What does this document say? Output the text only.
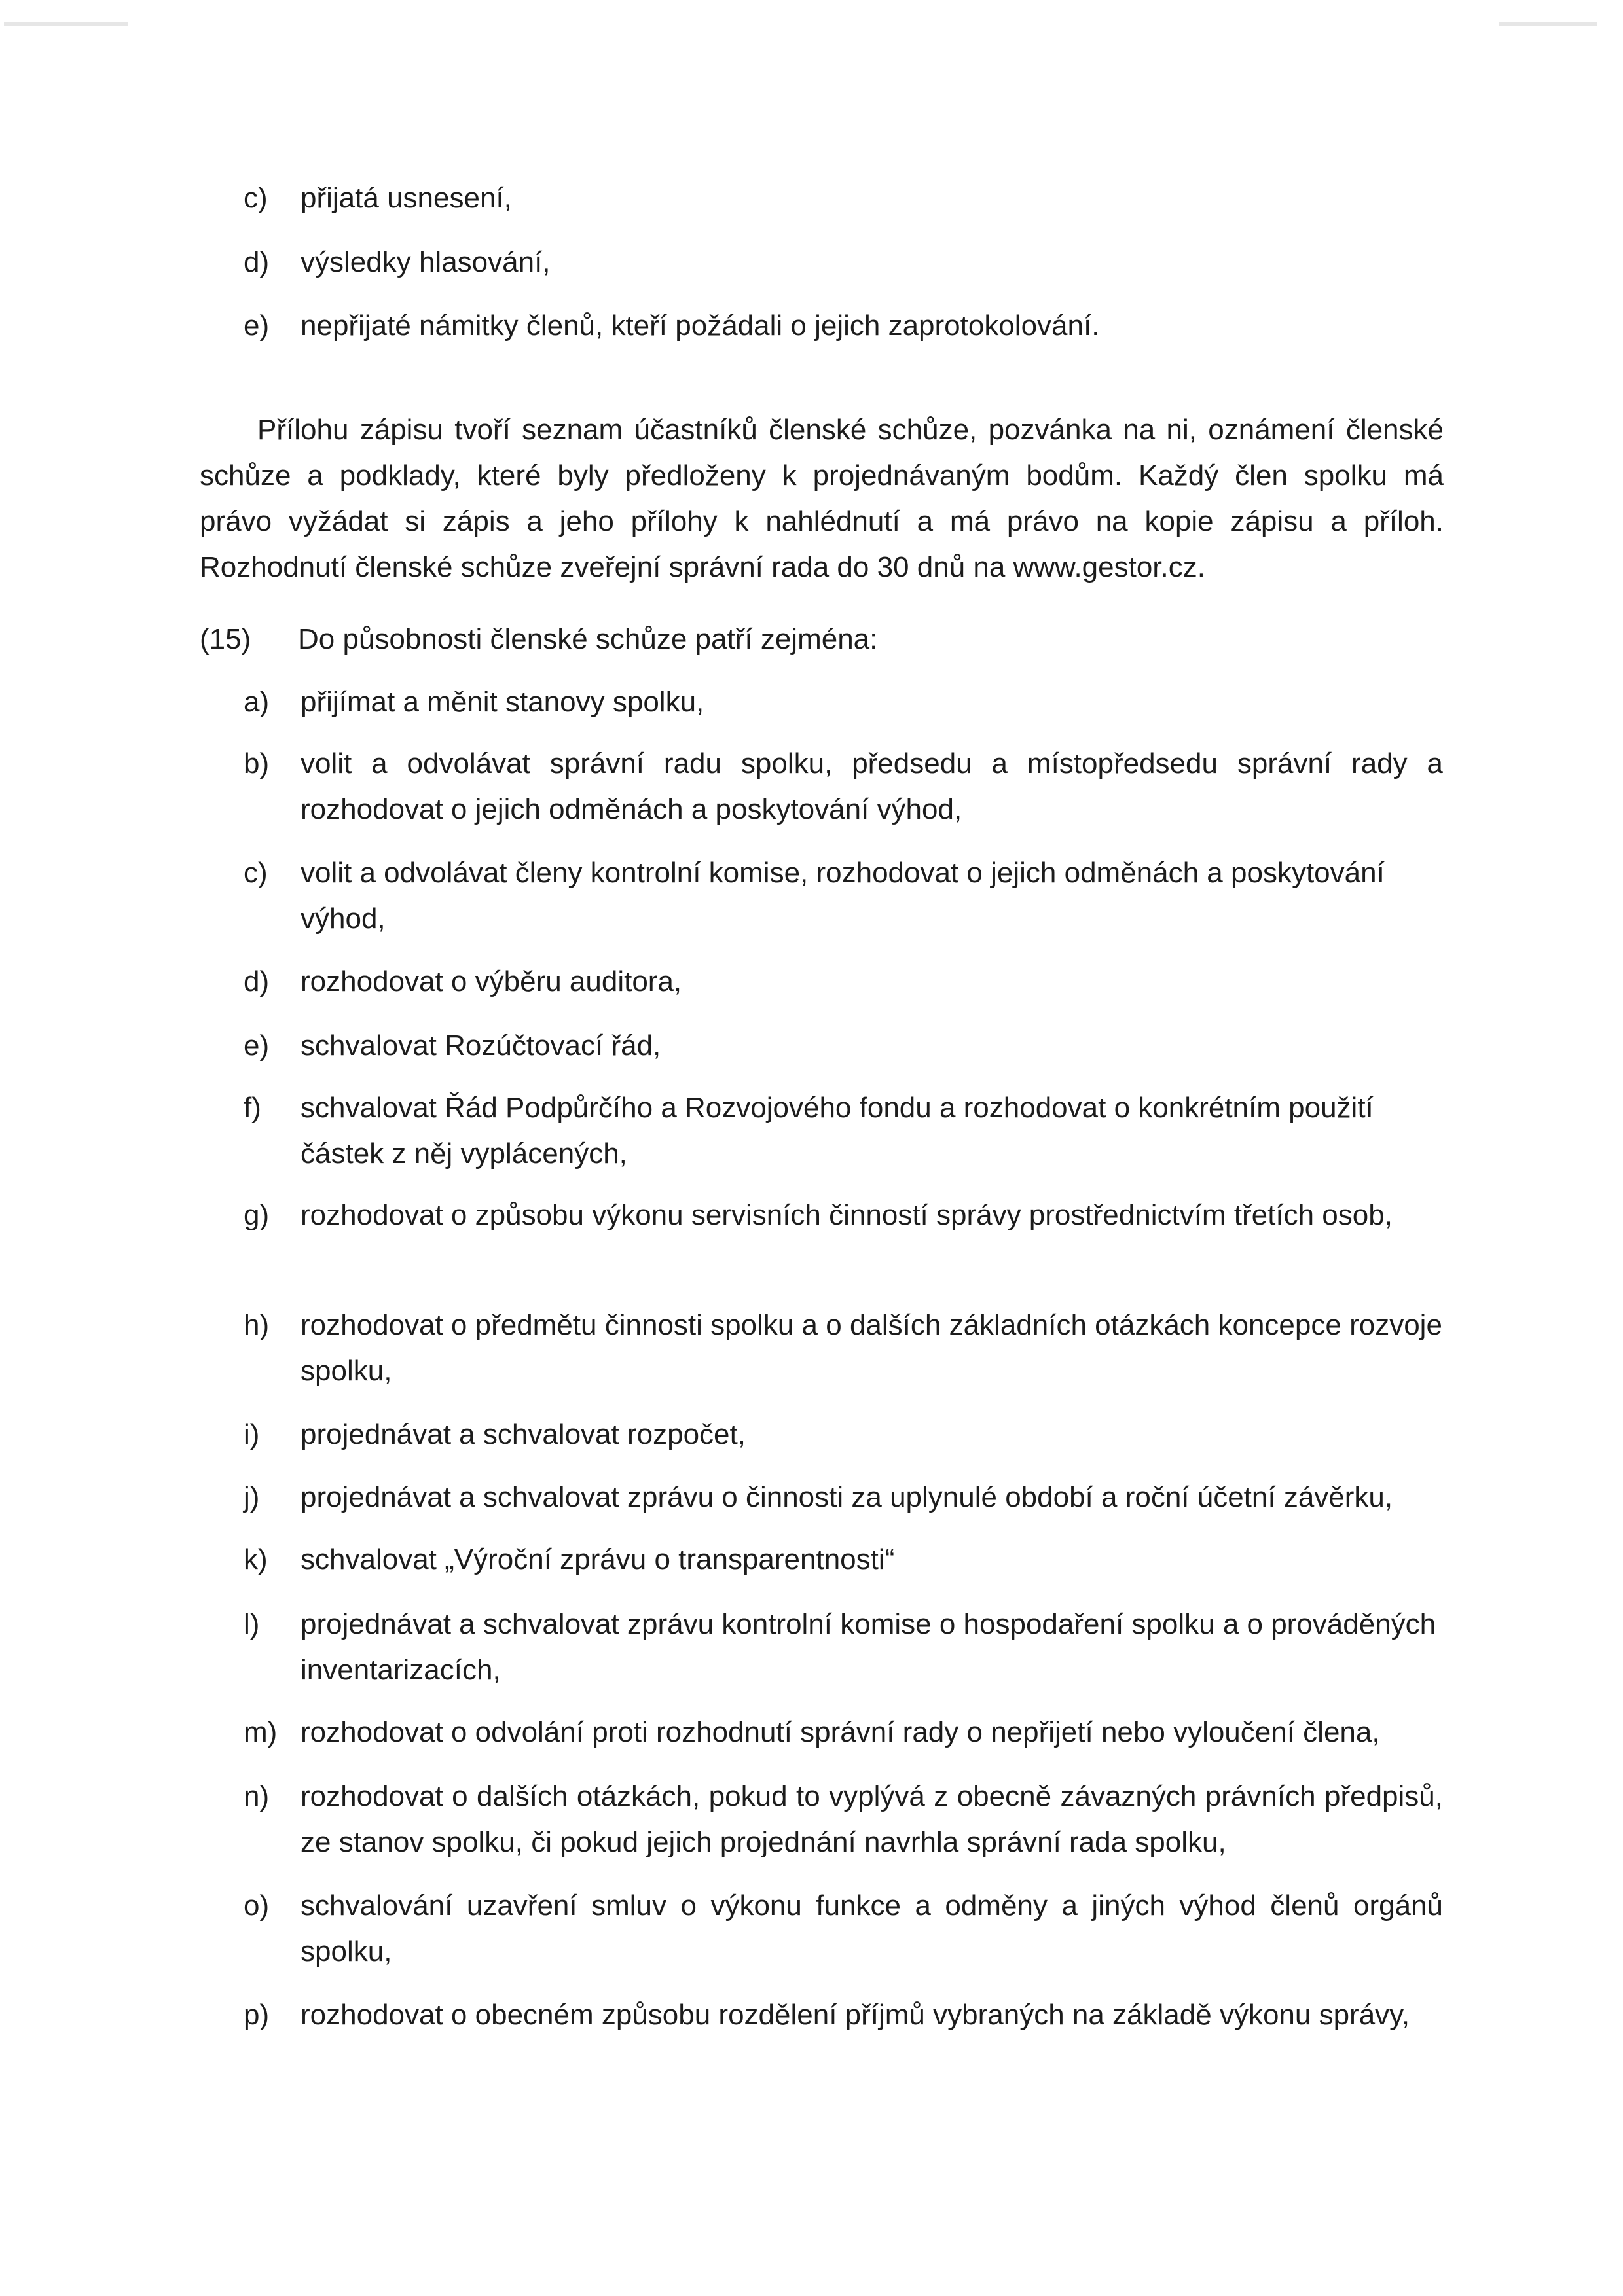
c) přijatá usnesení,
d) výsledky hlasování,
e) nepřijaté námitky členů, kteří požádali o jejich zaprotokolování.
Přílohu zápisu tvoří seznam účastníků členské schůze, pozvánka na ni, oznámení členské
schůze a podklady, které byly předloženy k projednávaným bodům. Každý člen spolku má
právo vyžádat si zápis a jeho přílohy k nahlédnutí a má právo na kopie zápisu a příloh.
Rozhodnutí členské schůze zveřejní správní rada do 30 dnů na www.gestor.cz.
(15) Do působnosti členské schůze patří zejména:
a) přijímat a měnit stanovy spolku,
b) volit a odvolávat správní radu spolku, předsedu a místopředsedu správní rady a rozhodovat o jejich odměnách a poskytování výhod,
c) volit a odvolávat členy kontrolní komise, rozhodovat o jejich odměnách a poskytování výhod,
d) rozhodovat o výběru auditora,
e) schvalovat Rozúčtovací řád,
f) schvalovat Řád Podpůrčího a Rozvojového fondu a rozhodovat o konkrétním použití částek z něj vyplácených,
g) rozhodovat o způsobu výkonu servisních činností správy prostřednictvím třetích osob,
h) rozhodovat o předmětu činnosti spolku a o dalších základních otázkách koncepce rozvoje spolku,
i) projednávat a schvalovat rozpočet,
j) projednávat a schvalovat zprávu o činnosti za uplynulé období a roční účetní závěrku,
k) schvalovat „Výroční zprávu o transparentnosti“
l) projednávat a schvalovat zprávu kontrolní komise o hospodaření spolku a o prováděných inventarizacích,
m) rozhodovat o odvolání proti rozhodnutí správní rady o nepřijetí nebo vyloučení člena,
n) rozhodovat o dalších otázkách, pokud to vyplývá z obecně závazných právních předpisů, ze stanov spolku, či pokud jejich projednání navrhla správní rada spolku,
o) schvalování uzavření smluv o výkonu funkce a odměny a jiných výhod členů orgánů spolku,
p) rozhodovat o obecném způsobu rozdělení příjmů vybraných na základě výkonu správy,
